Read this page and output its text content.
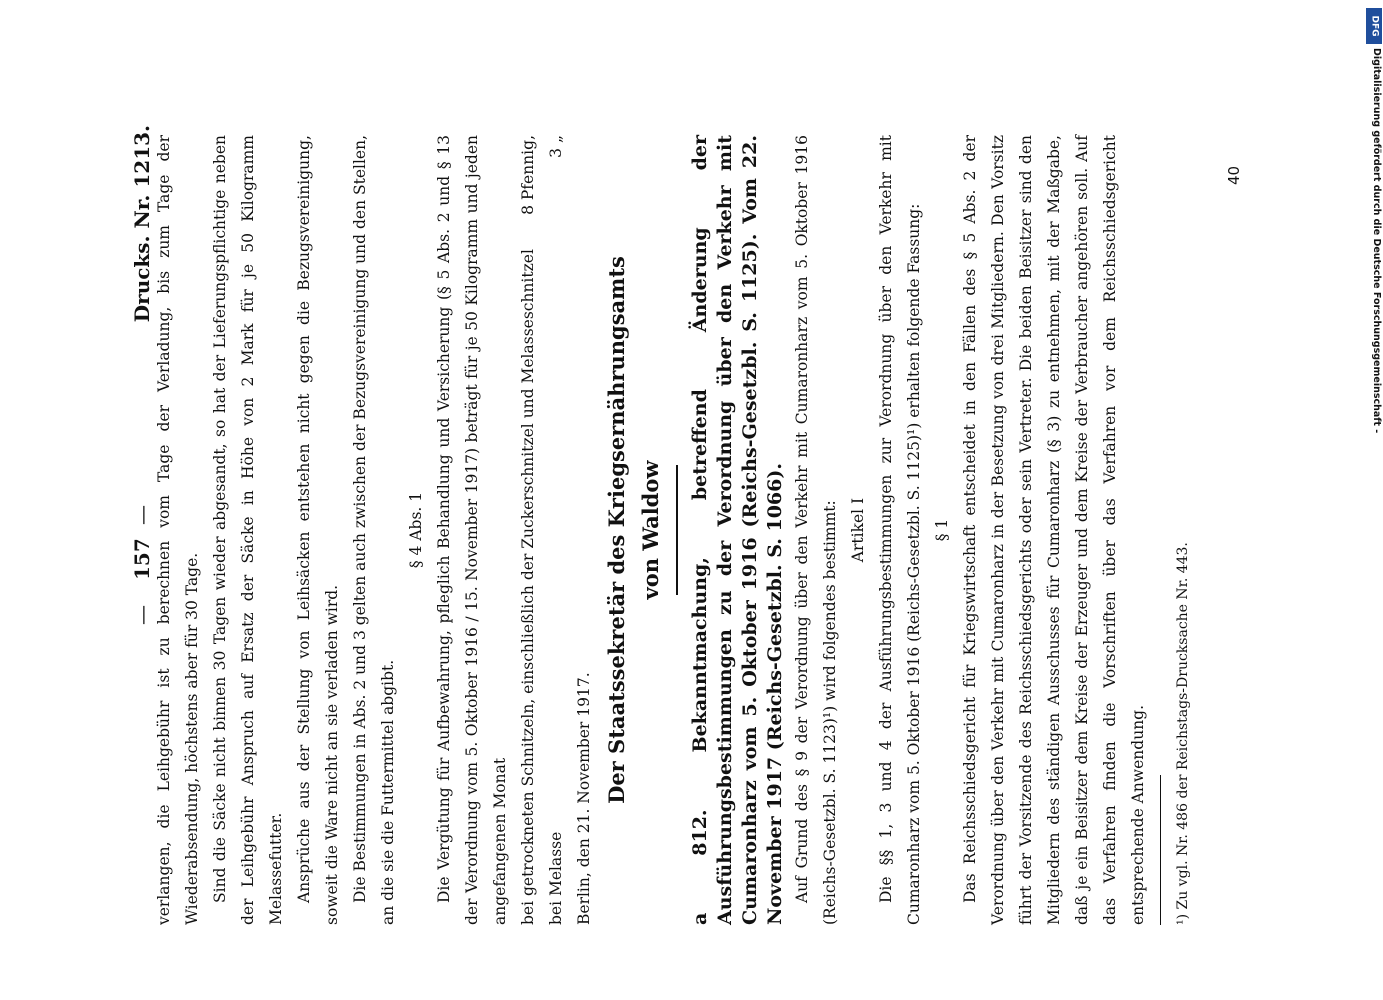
—
157
—
Drucks. Nr. 1213. verlangen, die Leihgebühr ist zu berechnen vom Tage der Verladung, bis zum Tage der Wiederabsendung, höchstens aber für 30 Tage. Sind die Säcke nicht binnen 30 Tagen wieder abgesandt, so hat der Lieferungspflichtige neben der Leihgebühr Anspruch auf Ersatz der Säcke in Höhe von 2 Mark für je 50 Kilogramm Melassefutter. Ansprüche aus der Stellung von Leihsäcken entstehen nicht gegen die Bezugsvereinigung, soweit die Ware nicht an sie verladen wird. Die Bestimmungen in Abs. 2 und 3 gelten auch zwischen der Bezugsvereinigung und den Stellen, an die sie die Futtermittel abgibt.

§ 4 Abs. 1 Die Vergütung für Aufbewahrung, pfleglich Behandlung und Versicherung (§ 5 Abs. 2 und § 13 der Verordnung vom 5. Oktober 1916 / 15. November 1917) beträgt für je 50 Kilogramm und jeden angefangenen Monat bei getrockneten Schnitzeln, einschließlich der Zuckerschnitzel und Melasseschnitzel
8 Pfennig,
bei Melasse
3 „

Berlin, den 21. November 1917. Der Staatssekretär des Kriegsernährungsamts von Waldow

a 812. Bekanntmachung, betreffend Änderung der Ausführungsbestimmungen zu der Verordnung über den Verkehr mit Cumaronharz vom 5. Oktober 1916 (Reichs-Gesetzbl. S. 1125). Vom 22. November 1917 (Reichs-Gesetzbl. S. 1066). Auf Grund des § 9 der Verordnung über den Verkehr mit Cumaronharz vom 5. Oktober 1916 (Reichs-Gesetzbl. S. 1123)¹) wird folgendes bestimmt: Artikel I Die §§ 1, 3 und 4 der Ausführungsbestimmungen zur Verordnung über den Verkehr mit Cumaronharz vom 5. Oktober 1916 (Reichs-Gesetzbl. S. 1125)¹) erhalten folgende Fassung: § 1 Das Reichsschiedsgericht für Kriegswirtschaft entscheidet in den Fällen des § 5 Abs. 2 der Verordnung über den Verkehr mit Cumaronharz in der Besetzung von drei Mitgliedern. Den Vorsitz führt der Vorsitzende des Reichsschiedsgerichts oder sein Vertreter. Die beiden Beisitzer sind den Mitgliedern des ständigen Ausschusses für Cumaronharz (§ 3) zu entnehmen, mit der Maßgabe, daß je ein Beisitzer dem Kreise der Erzeuger und dem Kreise der Verbraucher angehören soll. Auf das Verfahren finden die Vorschriften über das Verfahren vor dem Reichsschiedsgericht entsprechende Anwendung.	¹) Zu vgl. Nr. 486 der Reichstags-Drucksache Nr. 443.
40
DFG
Digitalisierung gefördert durch die Deutsche Forschungsgemeinschaft -
